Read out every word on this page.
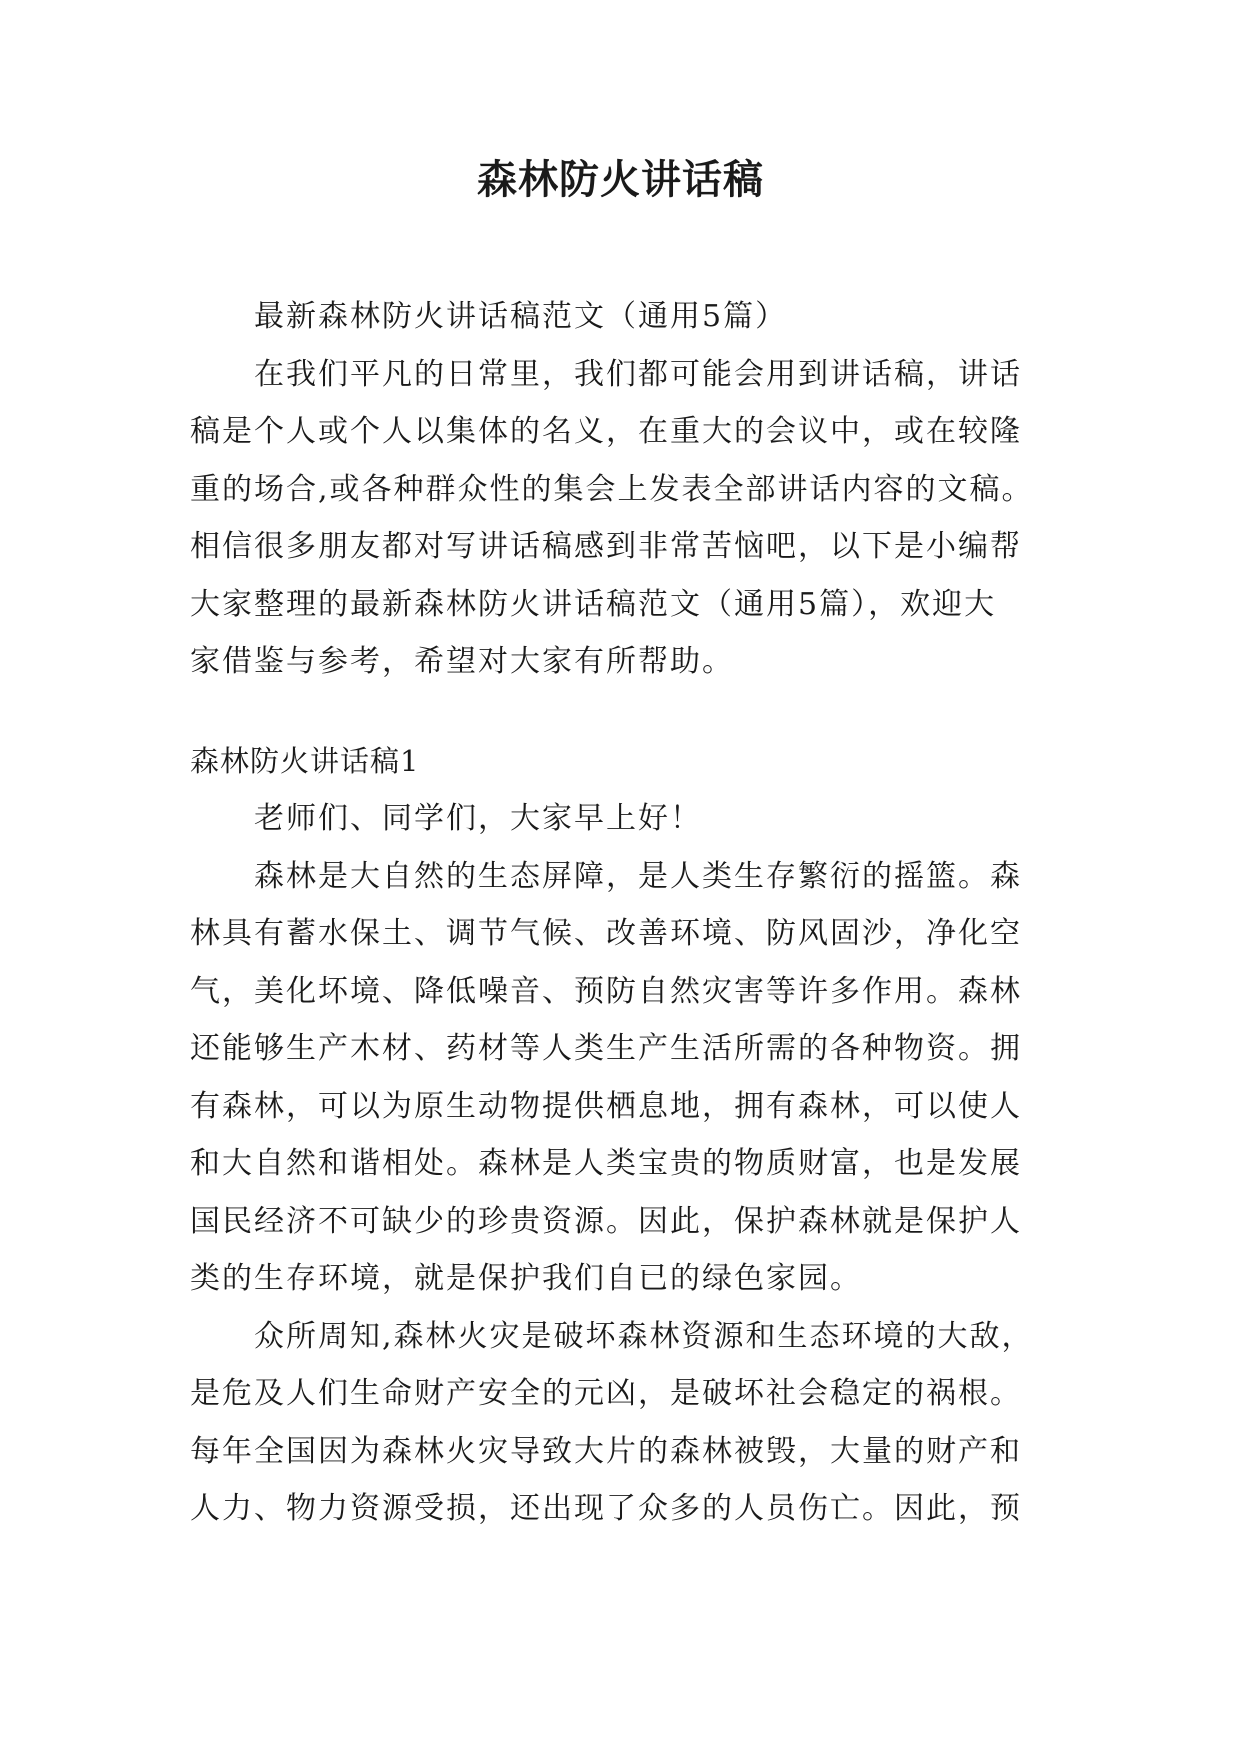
森林防火讲话稿
最新森林防火讲话稿范文（通用5篇）
在我们平凡的日常里，我们都可能会用到讲话稿，讲话
稿是个人或个人以集体的名义，在重大的会议中，或在较隆
重的场合,或各种群众性的集会上发表全部讲话内容的文稿。
相信很多朋友都对写讲话稿感到非常苦恼吧，以下是小编帮
大家整理的最新森林防火讲话稿范文（通用5篇），欢迎大
家借鉴与参考，希望对大家有所帮助。
森林防火讲话稿1
老师们、同学们，大家早上好！
森林是大自然的生态屏障，是人类生存繁衍的摇篮。森
林具有蓄水保土、调节气候、改善环境、防风固沙，净化空
气，美化坏境、降低噪音、预防自然灾害等许多作用。森林
还能够生产木材、药材等人类生产生活所需的各种物资。拥
有森林，可以为原生动物提供栖息地，拥有森林，可以使人
和大自然和谐相处。森林是人类宝贵的物质财富，也是发展
国民经济不可缺少的珍贵资源。因此，保护森林就是保护人
类的生存环境，就是保护我们自已的绿色家园。
众所周知,森林火灾是破坏森林资源和生态环境的大敌，
是危及人们生命财产安全的元凶，是破坏社会稳定的祸根。
每年全国因为森林火灾导致大片的森林被毁，大量的财产和
人力、物力资源受损，还出现了众多的人员伤亡。因此，预
